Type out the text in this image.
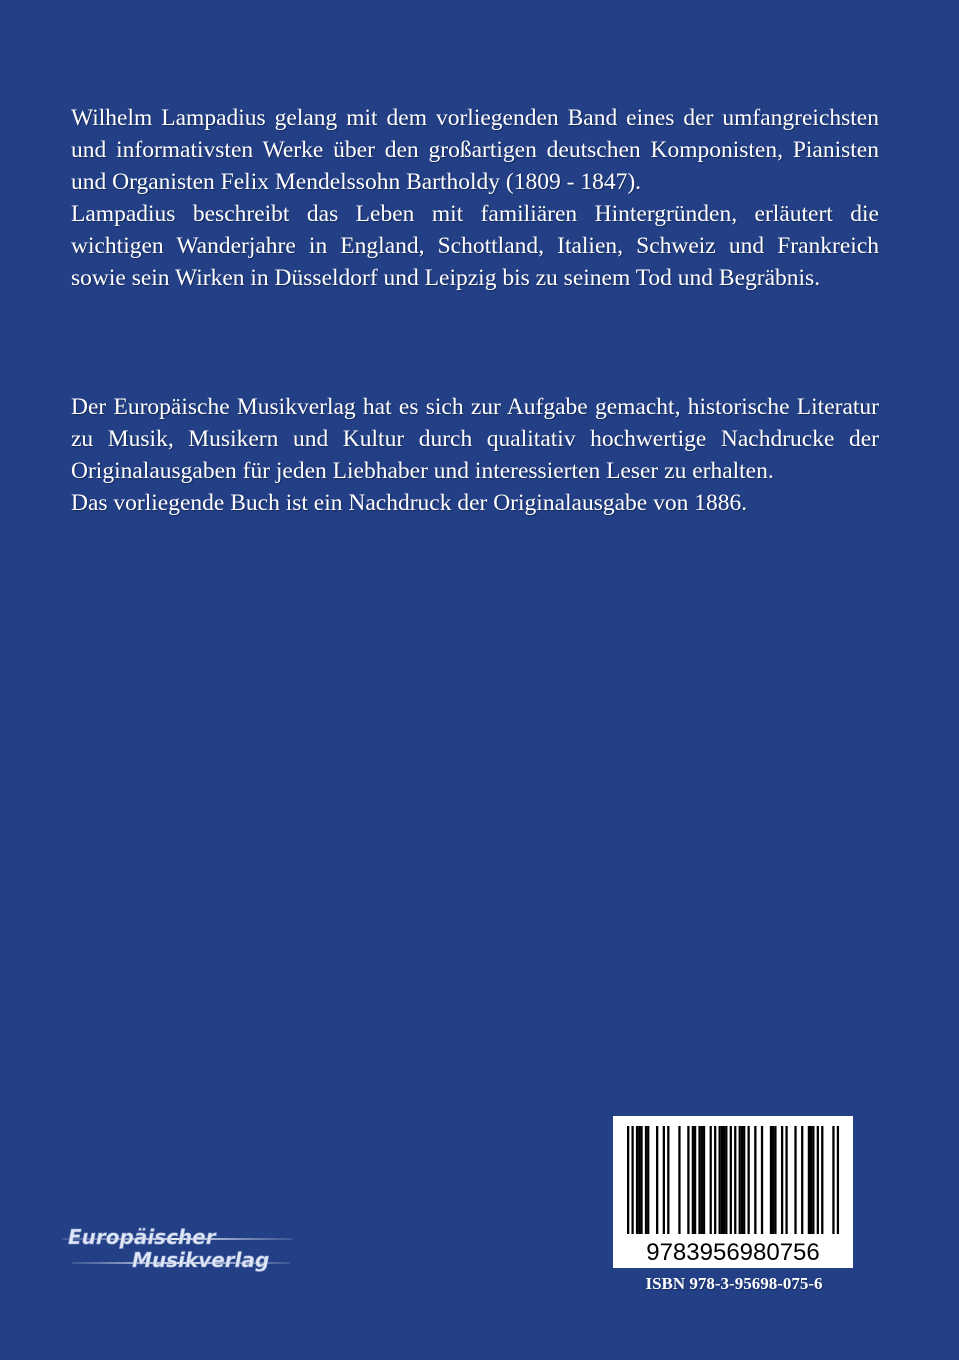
Wilhelm Lampadius gelang mit dem vorliegenden Band eines der umfangreichsten und informativsten Werke über den großartigen deutschen Komponisten, Pianisten und Organisten Felix Mendelssohn Bartholdy (1809 - 1847).

Lampadius beschreibt das Leben mit familiären Hintergründen, erläutert die wichtigen Wanderjahre in England, Schottland, Italien, Schweiz und Frankreich sowie sein Wirken in Düsseldorf und Leipzig bis zu seinem Tod und Begräbnis.

Der Europäische Musikverlag hat es sich zur Aufgabe gemacht, historische Literatur zu Musik, Musikern und Kultur durch qualitativ hochwertige Nachdrucke der Originalausgaben für jeden Liebhaber und interessierten Leser zu erhalten.

Das vorliegende Buch ist ein Nachdruck der Originalausgabe von 1886.

Europäischer
Musikverlag	9783956980756
ISBN 978-3-95698-075-6
